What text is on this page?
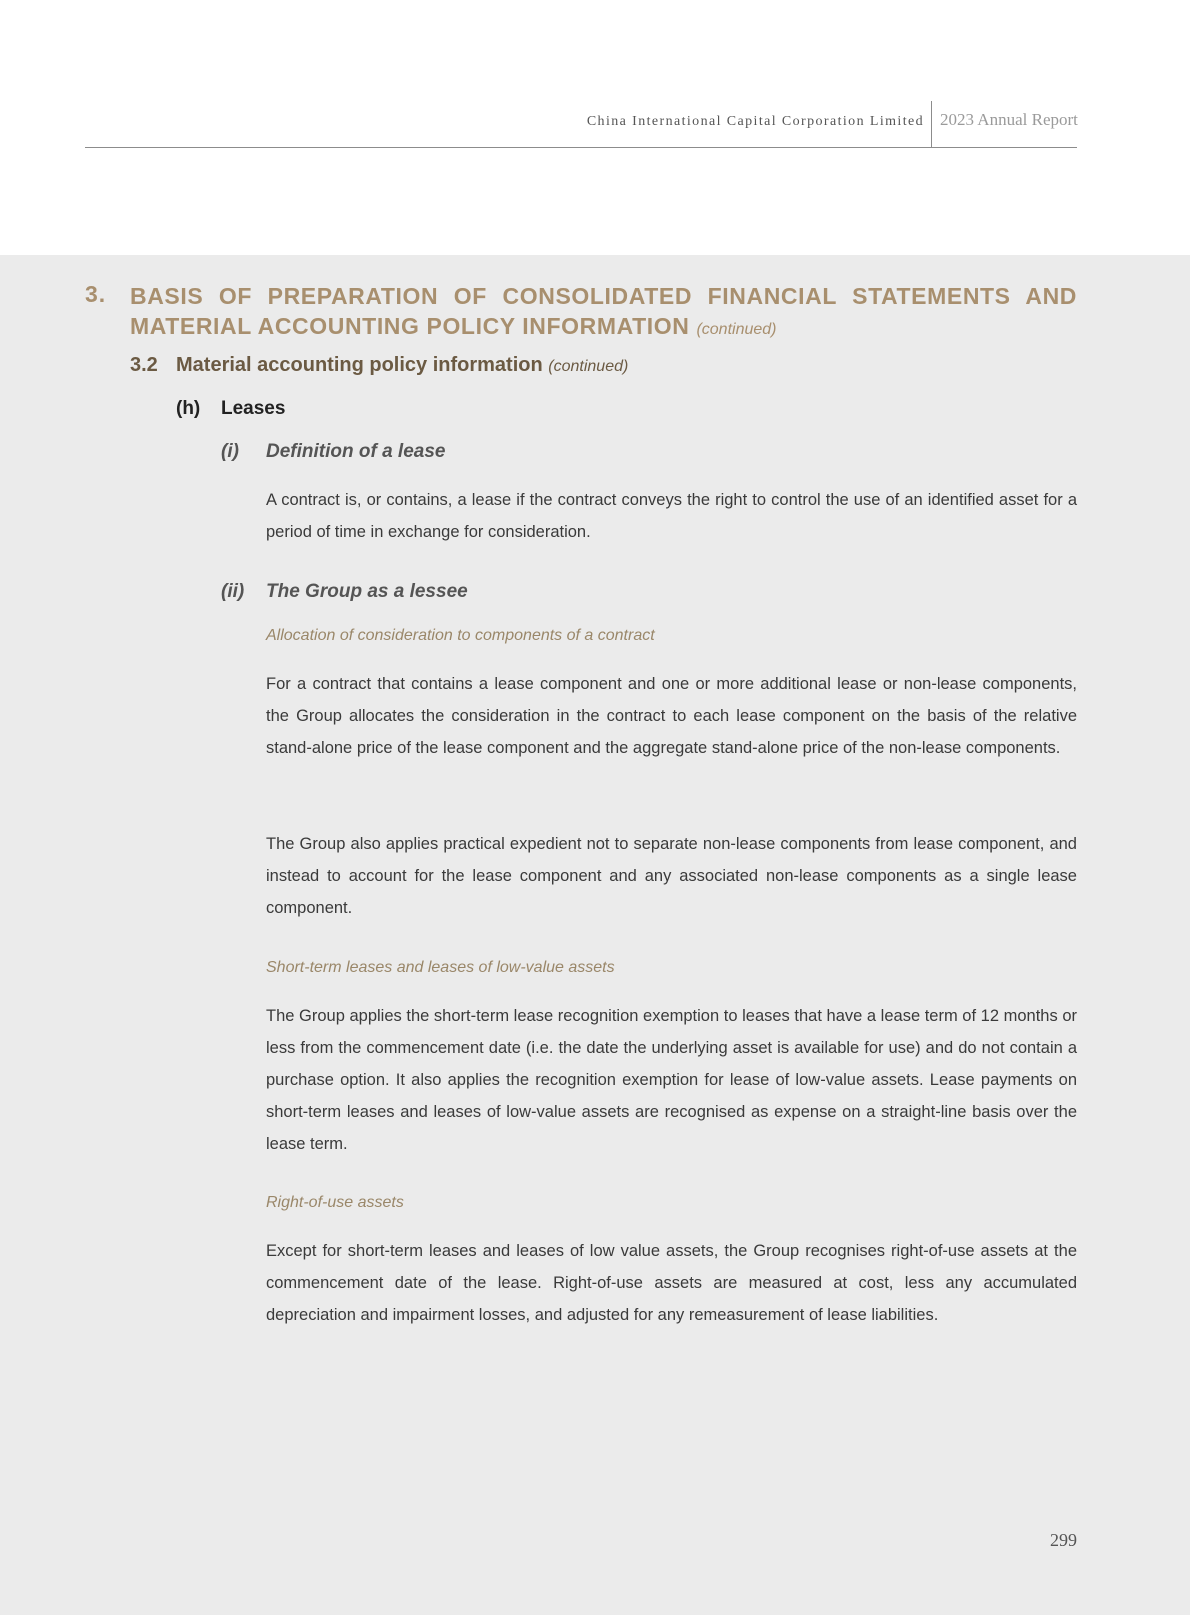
China International Capital Corporation Limited 2023 Annual Report
3. BASIS OF PREPARATION OF CONSOLIDATED FINANCIAL STATEMENTS AND
MATERIAL ACCOUNTING POLICY INFORMATION (continued)
3.2 Material accounting policy information (continued)
(h) Leases
(i) Definition of a lease

A contract is, or contains, a lease if the contract conveys the right to control the use of an identified asset for a period of time in exchange for consideration.

(ii) The Group as a lessee
Allocation of consideration to components of a contract

For a contract that contains a lease component and one or more additional lease or non-lease components, the Group allocates the consideration in the contract to each lease component on the basis of the relative stand-alone price of the lease component and the aggregate stand-alone price of the non-lease components.

The Group also applies practical expedient not to separate non-lease components from lease component, and instead to account for the lease component and any associated non-lease components as a single lease component.

Short-term leases and leases of low-value assets

The Group applies the short-term lease recognition exemption to leases that have a lease term of 12 months or less from the commencement date (i.e. the date the underlying asset is available for use) and do not contain a purchase option. It also applies the recognition exemption for lease of low-value assets. Lease payments on short-term leases and leases of low-value assets are recognised as expense on a straight-line basis over the lease term.

Right-of-use assets

Except for short-term leases and leases of low value assets, the Group recognises right-of-use assets at the commencement date of the lease. Right-of-use assets are measured at cost, less any accumulated depreciation and impairment losses, and adjusted for any remeasurement of lease liabilities.

299
